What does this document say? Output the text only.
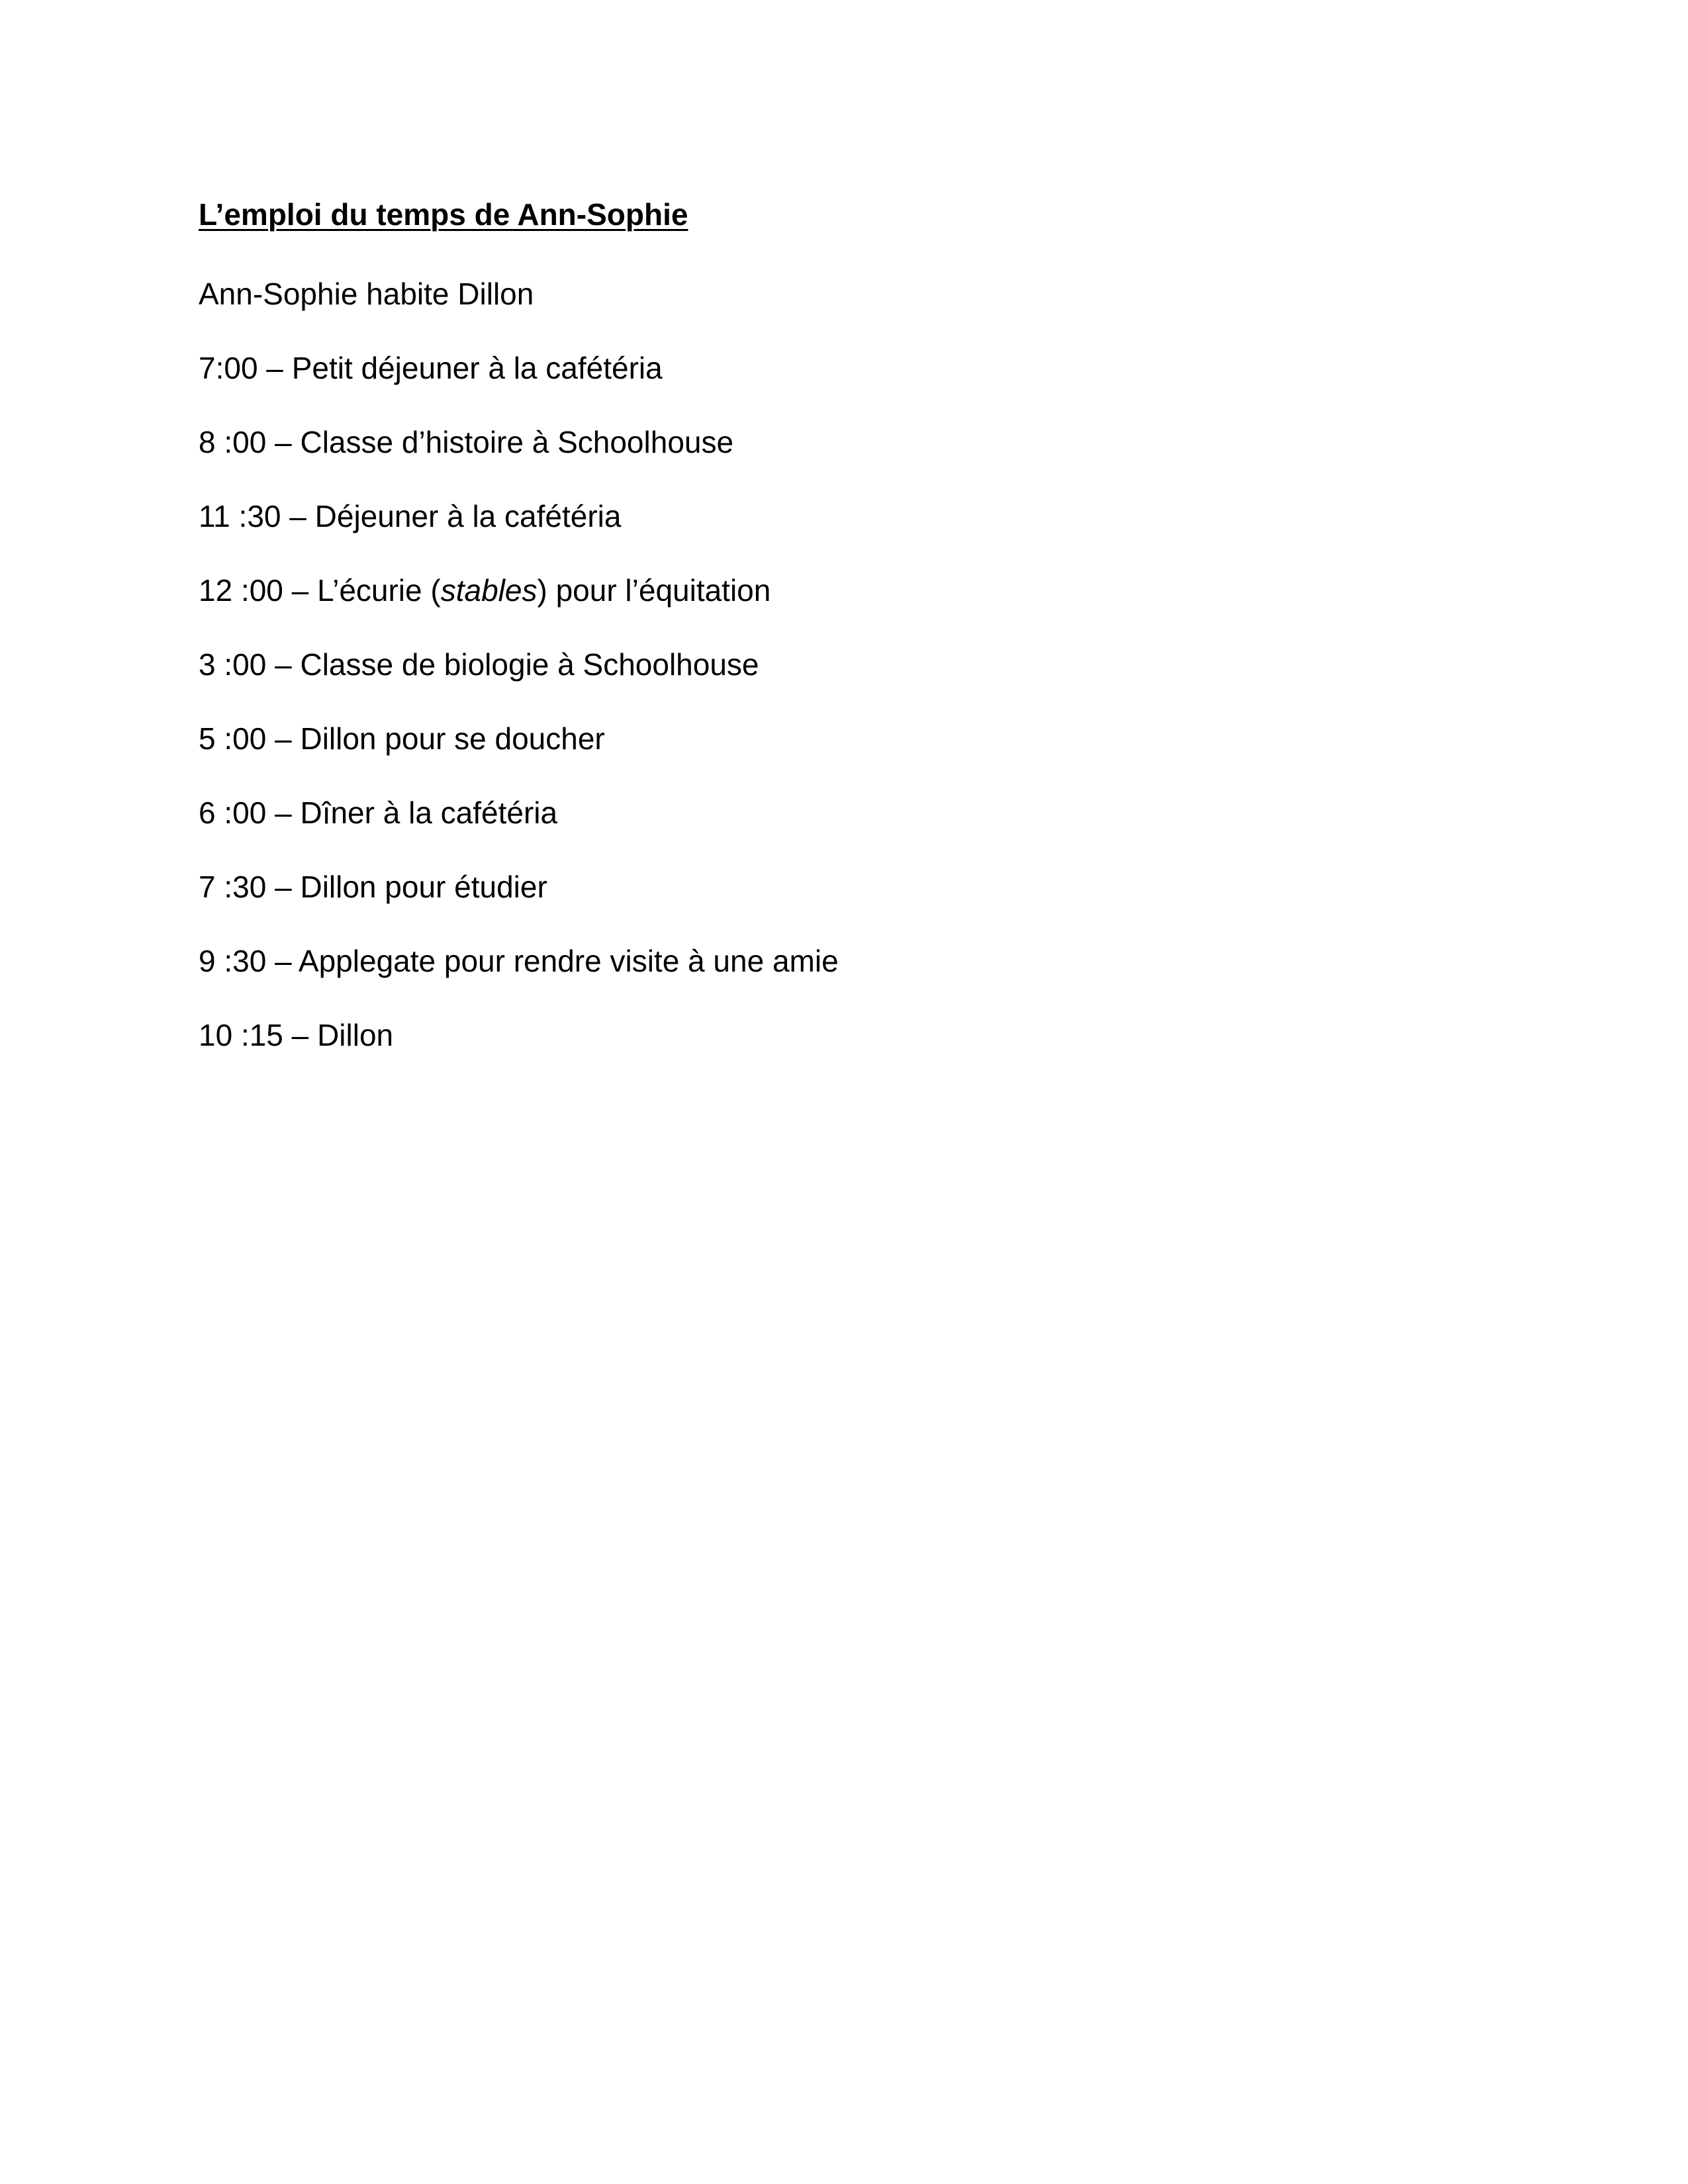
L’emploi du temps de Ann-Sophie

Ann-Sophie habite Dillon

7:00 – Petit déjeuner à la cafétéria
8 :00 – Classe d’histoire à Schoolhouse
11 :30 – Déjeuner à la cafétéria
12 :00 – L’écurie (stables) pour l’équitation
3 :00 – Classe de biologie à Schoolhouse
5 :00 – Dillon pour se doucher
6 :00 – Dîner à la cafétéria
7 :30 – Dillon pour étudier
9 :30 – Applegate pour rendre visite à une amie
10 :15 – Dillon
